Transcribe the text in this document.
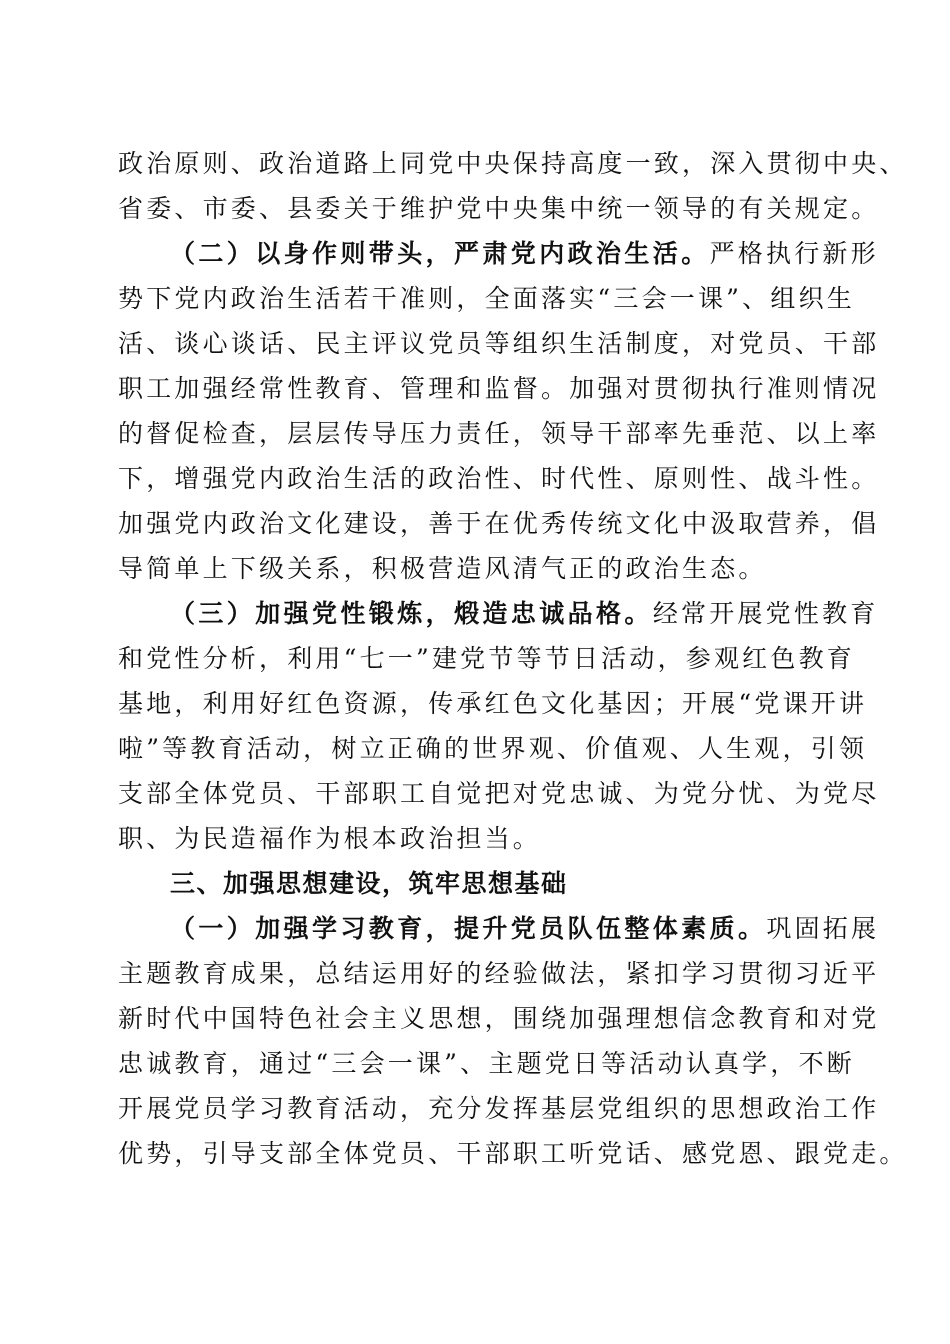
政治原则、政治道路上同党中央保持高度一致，深入贯彻中央、
省委、市委、县委关于维护党中央集中统一领导的有关规定。
（二）以身作则带头，严肃党内政治生活。严格执行新形
势下党内政治生活若干准则，全面落实“三会一课”、组织生
活、谈心谈话、民主评议党员等组织生活制度，对党员、干部
职工加强经常性教育、管理和监督。加强对贯彻执行准则情况
的督促检查，层层传导压力责任，领导干部率先垂范、以上率
下，增强党内政治生活的政治性、时代性、原则性、战斗性。
加强党内政治文化建设，善于在优秀传统文化中汲取营养，倡
导简单上下级关系，积极营造风清气正的政治生态。
（三）加强党性锻炼，煅造忠诚品格。经常开展党性教育
和党性分析，利用“七一”建党节等节日活动，参观红色教育
基地，利用好红色资源，传承红色文化基因；开展“党课开讲
啦”等教育活动，树立正确的世界观、价值观、人生观，引领
支部全体党员、干部职工自觉把对党忠诚、为党分忧、为党尽
职、为民造福作为根本政治担当。
三、加强思想建设，筑牢思想基础
（一）加强学习教育，提升党员队伍整体素质。巩固拓展
主题教育成果，总结运用好的经验做法，紧扣学习贯彻习近平
新时代中国特色社会主义思想，围绕加强理想信念教育和对党
忠诚教育，通过“三会一课”、主题党日等活动认真学，不断
开展党员学习教育活动，充分发挥基层党组织的思想政治工作
优势，引导支部全体党员、干部职工听党话、感党恩、跟党走。
